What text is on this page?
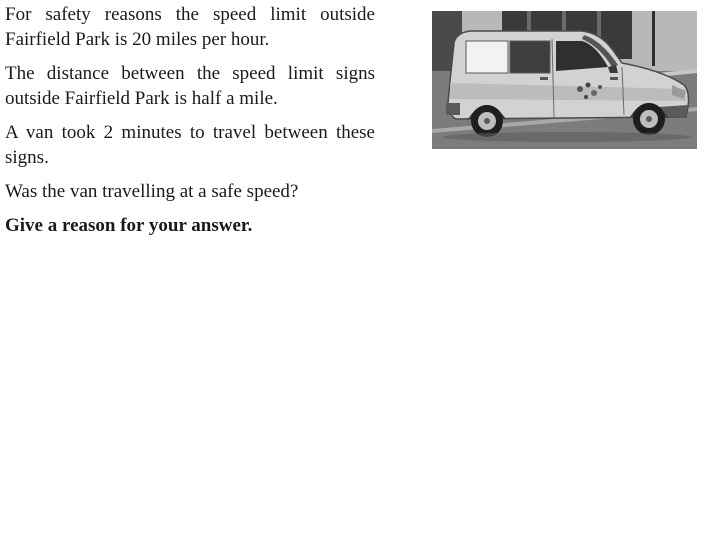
For safety reasons the speed limit outside Fairfield Park is 20 miles per hour.

The distance between the speed limit signs outside Fairfield Park is half a mile.

A van took 2 minutes to travel between these signs.

Was the van travelling at a safe speed?

Give a reason for your answer.
